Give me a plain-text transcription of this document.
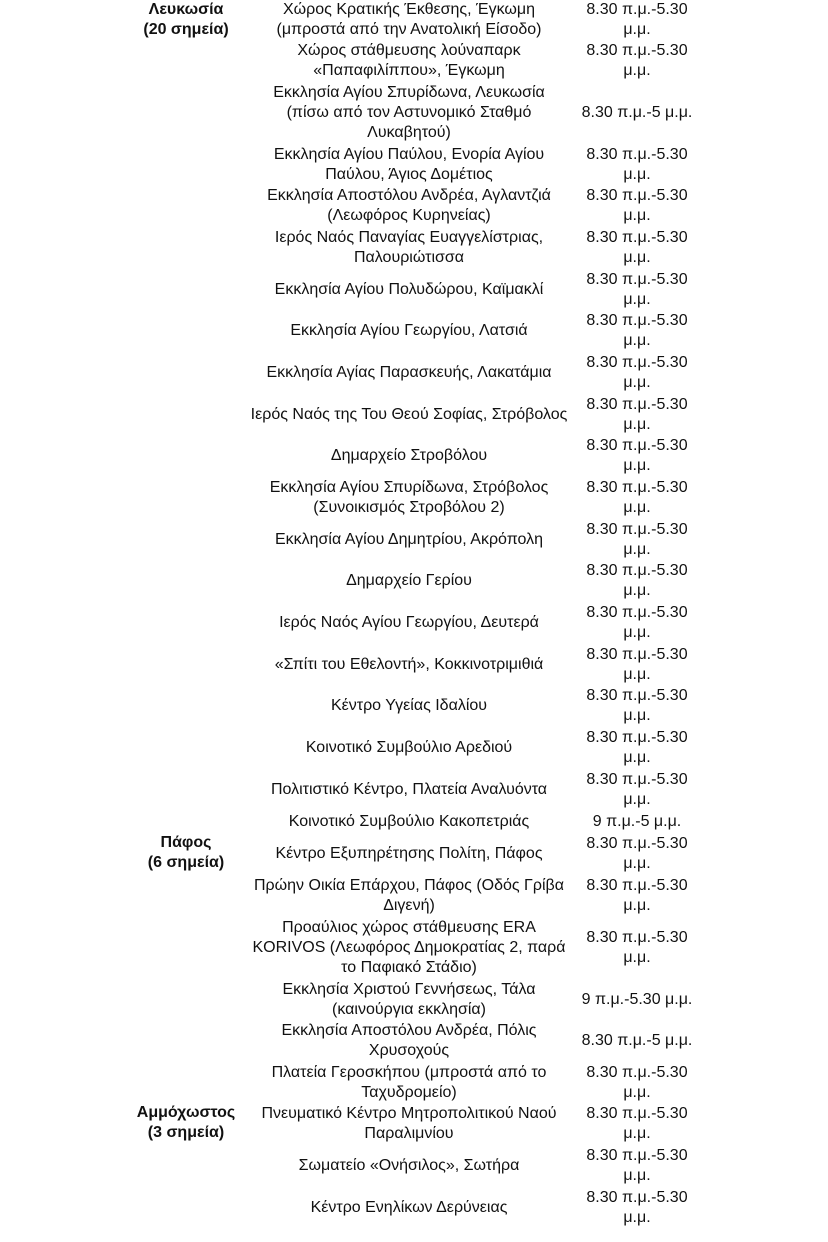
Λευκωσία
(20 σημεία)
Χώρος Κρατικής Έκθεσης, Έγκωμη (μπροστά από την Ανατολική Είσοδο)
8.30 π.μ.-5.30 μ.μ.
Χώρος στάθμευσης λούναπαρκ «Παπαφιλίππου», Έγκωμη
8.30 π.μ.-5.30 μ.μ.
Εκκλησία Αγίου Σπυρίδωνα, Λευκωσία (πίσω από τον Αστυνομικό Σταθμό Λυκαβητού)
8.30 π.μ.-5 μ.μ.
Εκκλησία Αγίου Παύλου, Ενορία Αγίου Παύλου, Άγιος Δομέτιος
8.30 π.μ.-5.30 μ.μ.
Εκκλησία Αποστόλου Ανδρέα, Αγλαντζιά (Λεωφόρος Κυρηνείας)
8.30 π.μ.-5.30 μ.μ.
Ιερός Ναός Παναγίας Ευαγγελίστριας, Παλουριώτισσα
8.30 π.μ.-5.30 μ.μ.
Εκκλησία Αγίου Πολυδώρου, Καϊμακλί
8.30 π.μ.-5.30 μ.μ.
Εκκλησία Αγίου Γεωργίου, Λατσιά
8.30 π.μ.-5.30 μ.μ.
Εκκλησία Αγίας Παρασκευής, Λακατάμια
8.30 π.μ.-5.30 μ.μ.
Ιερός Ναός της Του Θεού Σοφίας, Στρόβολος
8.30 π.μ.-5.30 μ.μ.
Δημαρχείο Στροβόλου
8.30 π.μ.-5.30 μ.μ.
Εκκλησία Αγίου Σπυρίδωνα, Στρόβολος (Συνοικισμός Στροβόλου 2)
8.30 π.μ.-5.30 μ.μ.
Εκκλησία Αγίου Δημητρίου, Ακρόπολη
8.30 π.μ.-5.30 μ.μ.
Δημαρχείο Γερίου
8.30 π.μ.-5.30 μ.μ.
Ιερός Ναός Αγίου Γεωργίου, Δευτερά
8.30 π.μ.-5.30 μ.μ.
«Σπίτι του Εθελοντή», Κοκκινοτριμιθιά
8.30 π.μ.-5.30 μ.μ.
Κέντρο Υγείας Ιδαλίου
8.30 π.μ.-5.30 μ.μ.
Κοινοτικό Συμβούλιο Αρεδιού
8.30 π.μ.-5.30 μ.μ.
Πολιτιστικό Κέντρο, Πλατεία Αναλυόντα
8.30 π.μ.-5.30 μ.μ.
Κοινοτικό Συμβούλιο Κακοπετριάς	9 π.μ.-5 μ.μ.
Πάφος
(6 σημεία)
Κέντρο Εξυπηρέτησης Πολίτη, Πάφος
8.30 π.μ.-5.30 μ.μ.
Πρώην Οικία Επάρχου, Πάφος (Οδός Γρίβα Διγενή)
8.30 π.μ.-5.30 μ.μ.
Προαύλιος χώρος στάθμευσης ERA KORIVOS (Λεωφόρος Δημοκρατίας 2, παρά το Παφιακό Στάδιο)
8.30 π.μ.-5.30 μ.μ.
Εκκλησία Χριστού Γεννήσεως, Τάλα (καινούργια εκκλησία)
9 π.μ.-5.30 μ.μ.
Εκκλησία Αποστόλου Ανδρέα, Πόλις Χρυσοχούς
8.30 π.μ.-5 μ.μ.
Πλατεία Γεροσκήπου (μπροστά από το Ταχυδρομείο)
8.30 π.μ.-5.30 μ.μ.
Αμμόχωστος
(3 σημεία)
Πνευματικό Κέντρο Μητροπολιτικού Ναού Παραλιμνίου
8.30 π.μ.-5.30 μ.μ.
Σωματείο «Ονήσιλος», Σωτήρα
8.30 π.μ.-5.30 μ.μ.
Κέντρο Ενηλίκων Δερύνειας
8.30 π.μ.-5.30 μ.μ.
